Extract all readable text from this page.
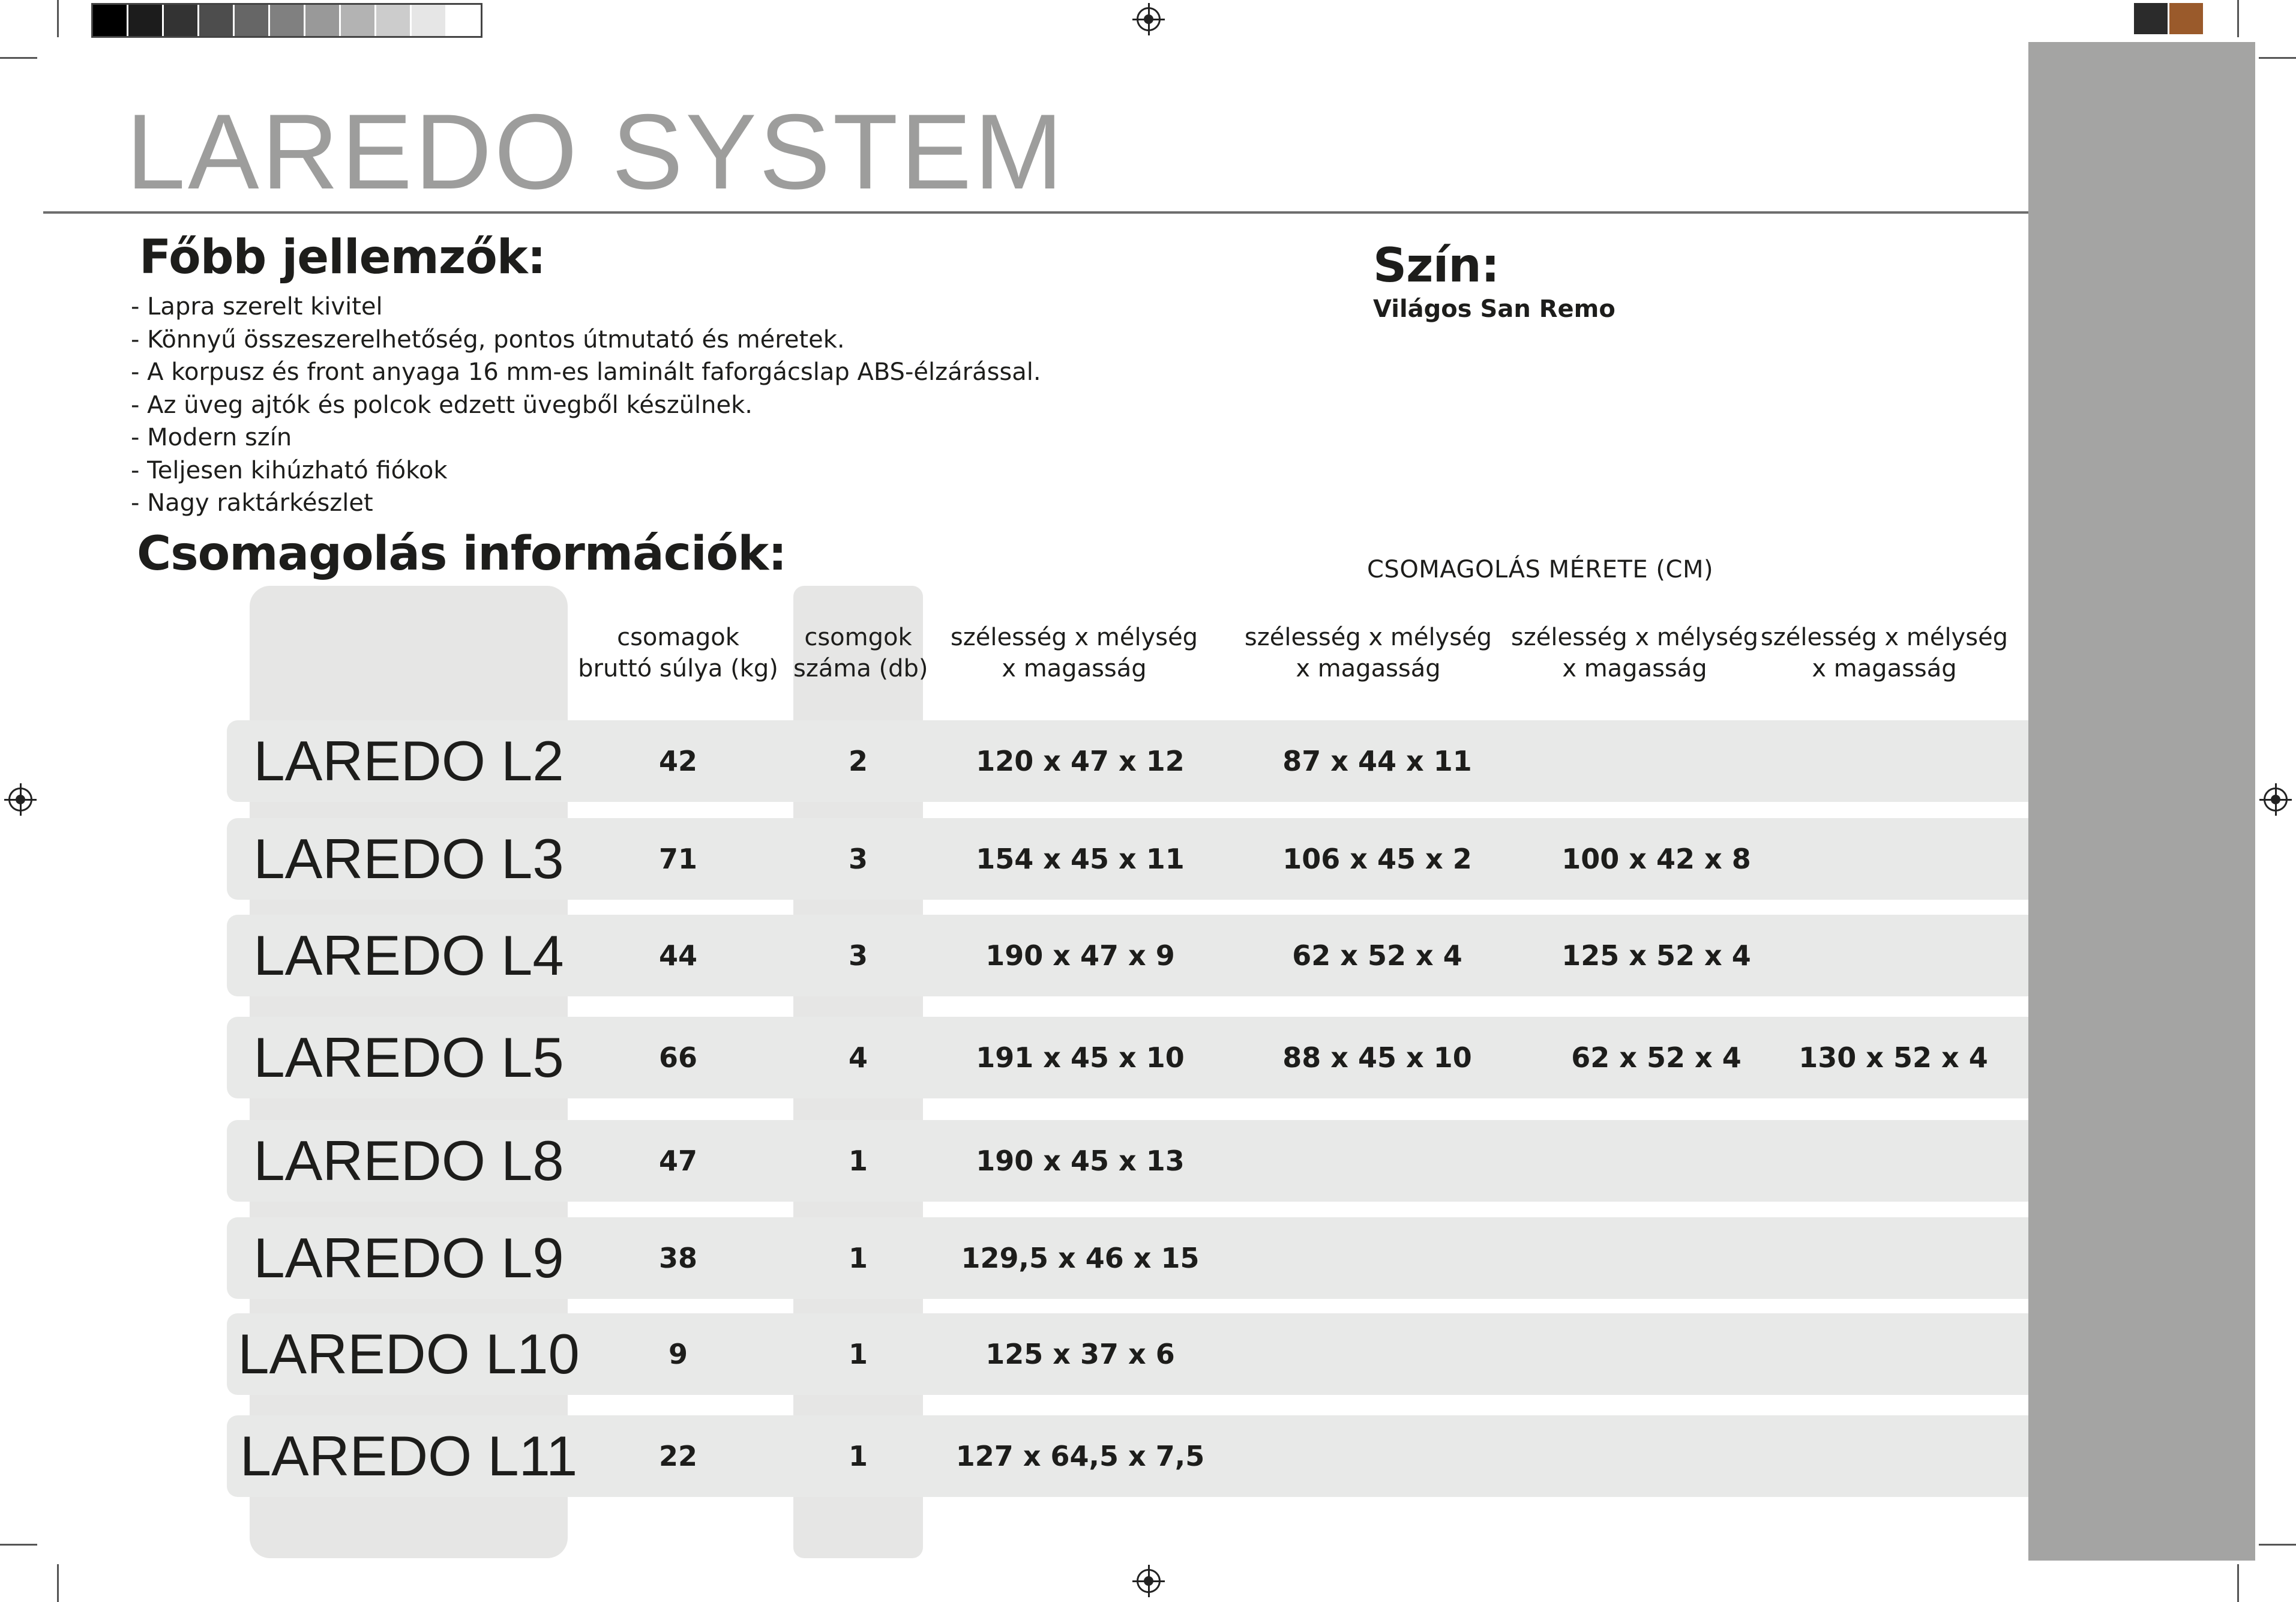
LAREDO SYSTEM
Főbb jellemzők:
- Lapra szerelt kivitel
- Könnyű összeszerelhetőség, pontos útmutató és méretek.
- A korpusz és front anyaga 16 mm-es laminált faforgácslap ABS-élzárással.
- Az üveg ajtók és polcok edzett üvegből készülnek.
- Modern szín
- Teljesen kihúzható fiókok
- Nagy raktárkészlet
Szín:
Világos San Remo
Csomagolás információk:	CSOMAGOLÁS MÉRETE (CM)
csomagok
bruttó súlya (kg)
csomgok
száma (db)
szélesség x mélység
x magasság
szélesség x mélység
x magasság
szélesség x mélység
x magasság
szélesség x mélység
x magasság
LAREDO L2	42	2	120 x 47 x 12	87 x 44 x 11
LAREDO L3	71	3	154 x 45 x 11	106 x 45 x 2	100 x 42 x 8
LAREDO L4	44	3	190 x 47 x 9	62 x 52 x 4	125 x 52 x 4
LAREDO L5	66	4	191 x 45 x 10	88 x 45 x 10	62 x 52 x 4	130 x 52 x 4
LAREDO L8	47	1	190 x 45 x 13
LAREDO L9	38	1	129,5 x 46 x 15
LAREDO L10	9	1	125 x 37 x 6
LAREDO L11	22	1	127 x 64,5 x 7,5
